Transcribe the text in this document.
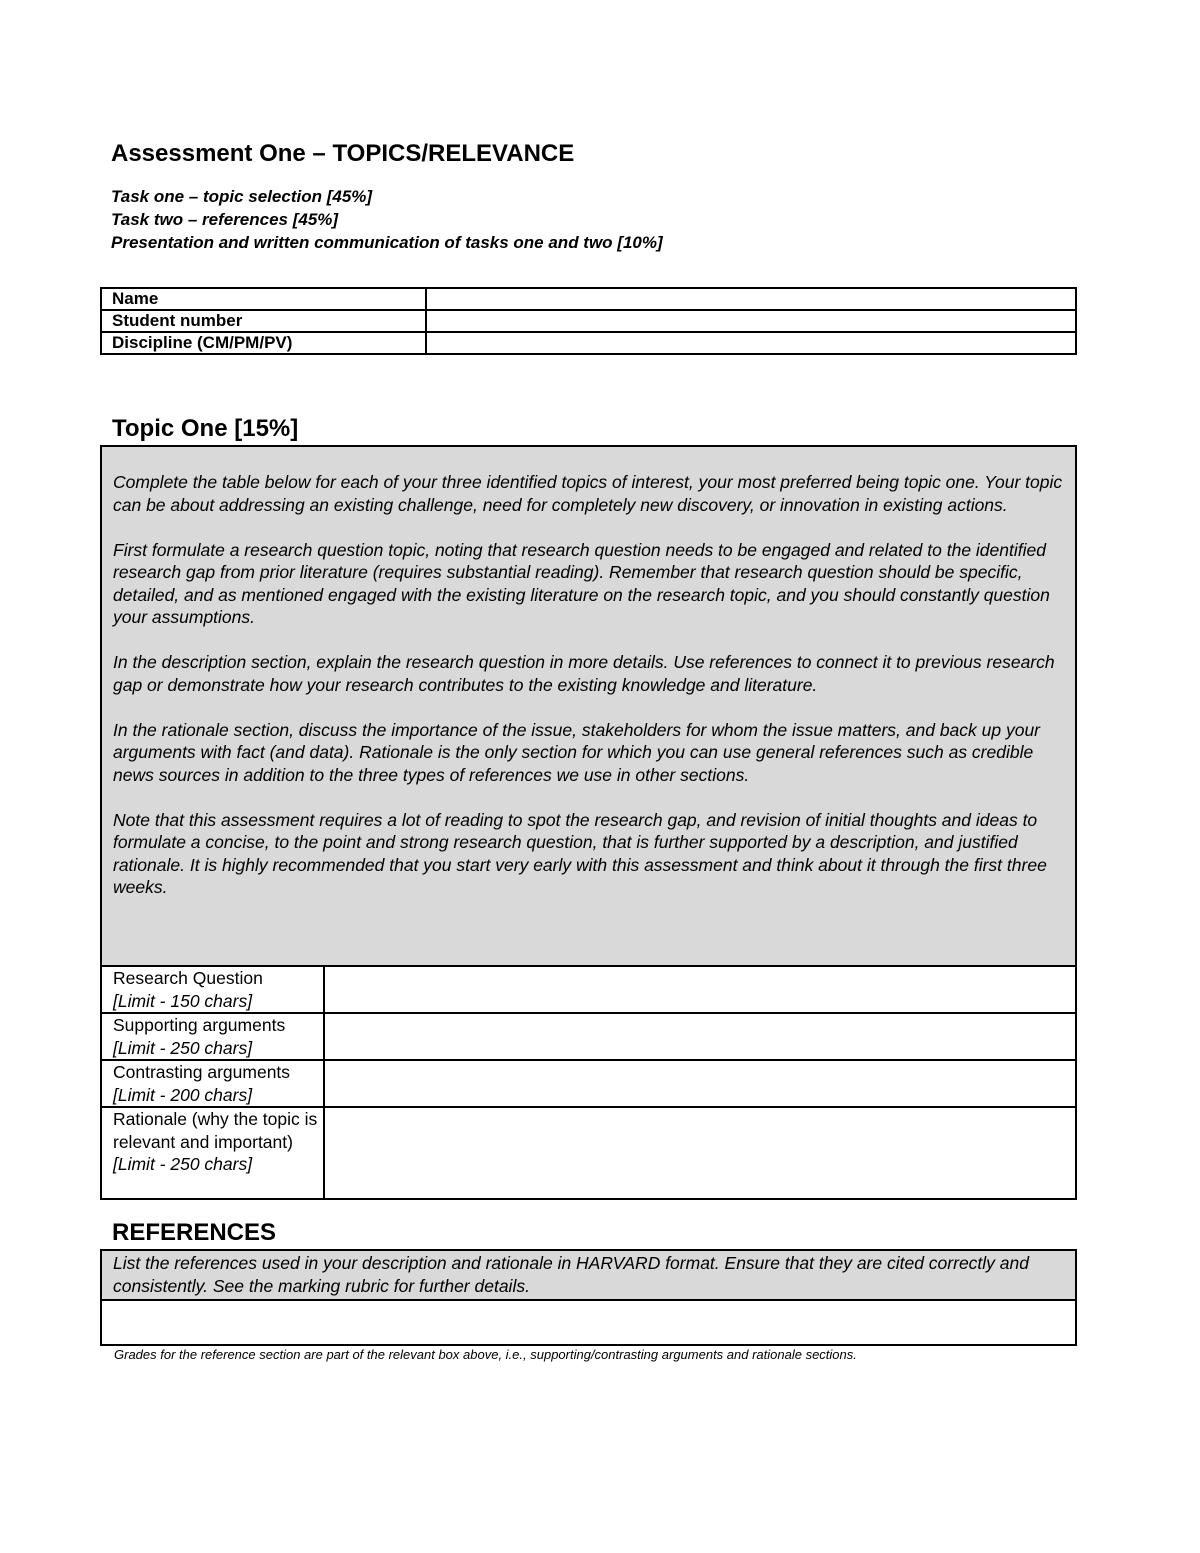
Assessment One – TOPICS/RELEVANCE

Task one – topic selection [45%]

Task two – references [45%]

Presentation and written communication of tasks one and two [10%]

Name	
Student number	
Discipline (CM/PM/PV)	
Topic One [15%]

Complete the table below for each of your three identified topics of interest, your most preferred being topic one. Your topic can be about addressing an existing challenge, need for completely new discovery, or innovation in existing actions.

First formulate a research question topic, noting that research question needs to be engaged and related to the identified research gap from prior literature (requires substantial reading). Remember that research question should be specific, detailed, and as mentioned engaged with the existing literature on the research topic, and you should constantly question your assumptions.

In the description section, explain the research question in more details. Use references to connect it to previous research gap or demonstrate how your research contributes to the existing knowledge and literature.

In the rationale section, discuss the importance of the issue, stakeholders for whom the issue matters, and back up your arguments with fact (and data). Rationale is the only section for which you can use general references such as credible news sources in addition to the three types of references we use in other sections.

Note that this assessment requires a lot of reading to spot the research gap, and revision of initial thoughts and ideas to formulate a concise, to the point and strong research question, that is further supported by a description, and justified rationale. It is highly recommended that you start very early with this assessment and think about it through the first three weeks.

Research Question
[Limit - 150 chars]
Supporting arguments
[Limit - 250 chars]
Contrasting arguments
[Limit - 200 chars]
Rationale (why the topic is relevant and important)
[Limit - 250 chars]
REFERENCES
List the references used in your description and rationale in HARVARD format. Ensure that they are cited correctly and consistently. See the marking rubric for further details.

Grades for the reference section are part of the relevant box above, i.e., supporting/contrasting arguments and rationale sections.
